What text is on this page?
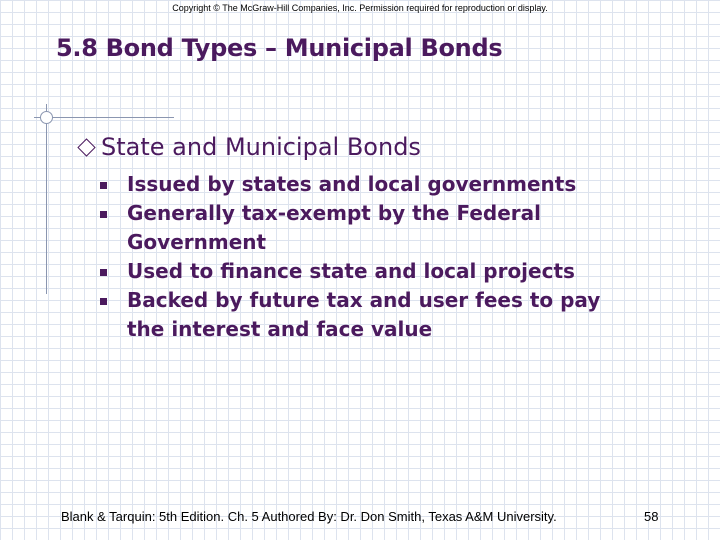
Copyright © The McGraw-Hill Companies, Inc. Permission required for reproduction or display.
5.8 Bond Types – Municipal Bonds
State and Municipal Bonds
Issued by states and local governments
Generally tax-exempt by the Federal Government
Used to finance state and local projects
Backed by future tax and user fees to pay the interest and face value
Blank & Tarquin: 5th Edition. Ch. 5 Authored By: Dr. Don Smith, Texas A&M University.	58
